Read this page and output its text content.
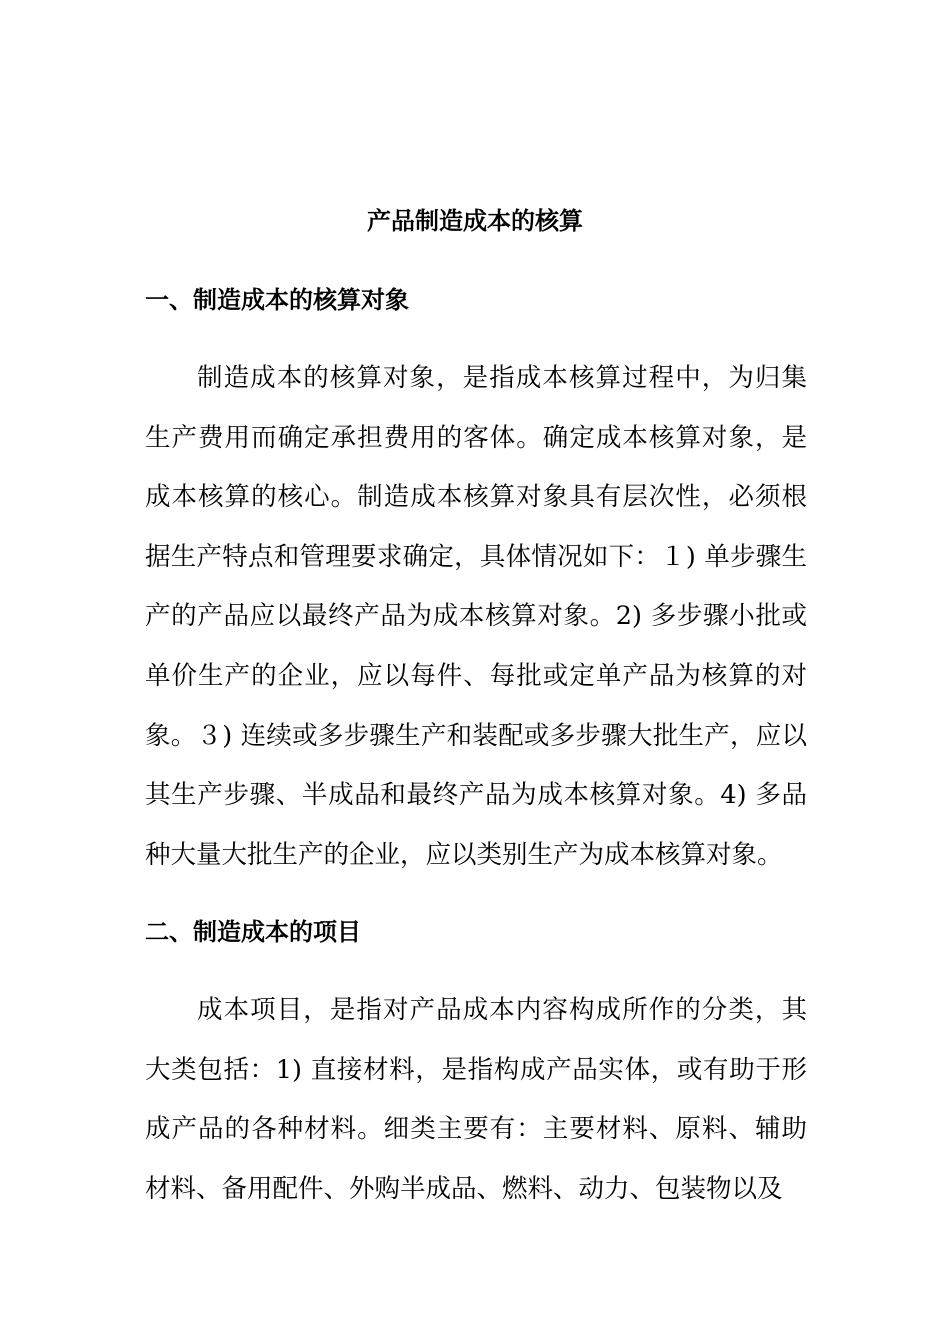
产品制造成本的核算
一、制造成本的核算对象

制造成本的核算对象，是指成本核算过程中，为归集生产费用而确定承担费用的客体。确定成本核算对象，是成本核算的核心。制造成本核算对象具有层次性，必须根据生产特点和管理要求确定，具体情况如下：１) 单步骤生产的产品应以最终产品为成本核算对象。2) 多步骤小批或单价生产的企业，应以每件、每批或定单产品为核算的对象。３) 连续或多步骤生产和装配或多步骤大批生产，应以其生产步骤、半成品和最终产品为成本核算对象。4) 多品种大量大批生产的企业，应以类别生产为成本核算对象。

二、制造成本的项目

成本项目，是指对产品成本内容构成所作的分类，其大类包括：1) 直接材料，是指构成产品实体，或有助于形成产品的各种材料。细类主要有：主要材料、原料、辅助材料、备用配件、外购半成品、燃料、动力、包装物以及
